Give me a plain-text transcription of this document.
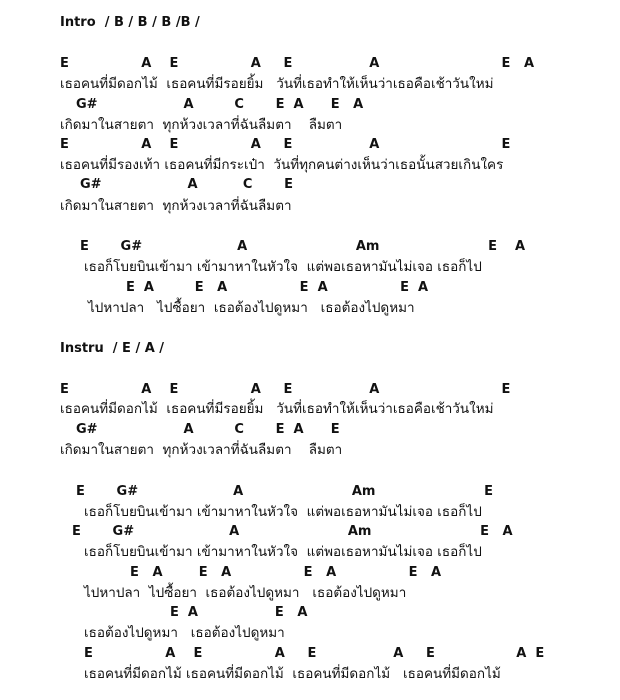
Intro  / B / B / B /B /
E                A    E                A     E                 A                           E   A
เธอคนที่มีดอกไม้  เธอคนที่มีรอยยิ้ม   วันที่เธอทำให้เห็นว่าเธอคือเช้าวันใหม่
G#                   A         C       E  A      E   A
เกิดมาในสายตา  ทุกห้วงเวลาที่ฉันลืมตา    ลืมตา
E                A    E                A     E                 A                           E
เธอคนที่มีรองเท้า เธอคนที่มีกระเป๋า  วันที่ทุกคนต่างเห็นว่าเธอนั้นสวยเกินใคร
G#                   A          C       E
เกิดมาในสายตา  ทุกห้วงเวลาที่ฉันลืมตา
E       G#                     A                        Am                        E    A
เธอก็โบยบินเข้ามา เข้ามาหาในหัวใจ  แต่พอเธอหามันไม่เจอ เธอก็ไป
E  A         E   A                E  A                E  A
ไปหาปลา   ไปซื้อยา  เธอต้องไปดูหมา   เธอต้องไปดูหมา
Instru  / E / A /
E                A    E                A     E                 A                           E
เธอคนที่มีดอกไม้  เธอคนที่มีรอยยิ้ม   วันที่เธอทำให้เห็นว่าเธอคือเช้าวันใหม่
G#                   A         C       E  A      E
เกิดมาในสายตา  ทุกห้วงเวลาที่ฉันลืมตา    ลืมตา
E       G#                     A                        Am                        E
เธอก็โบยบินเข้ามา เข้ามาหาในหัวใจ  แต่พอเธอหามันไม่เจอ เธอก็ไป
E       G#                     A                        Am                        E   A
เธอก็โบยบินเข้ามา เข้ามาหาในหัวใจ  แต่พอเธอหามันไม่เจอ เธอก็ไป
E   A        E   A                E   A                E   A
ไปหาปลา  ไปซื้อยา  เธอต้องไปดูหมา   เธอต้องไปดูหมา
E  A                 E   A
เธอต้องไปดูหมา   เธอต้องไปดูหมา
E                A    E                A     E                 A     E                  A  E
เธอคนที่มีดอกไม้ เธอคนที่มีดอกไม้  เธอคนที่มีดอกไม้   เธอคนที่มีดอกไม้
